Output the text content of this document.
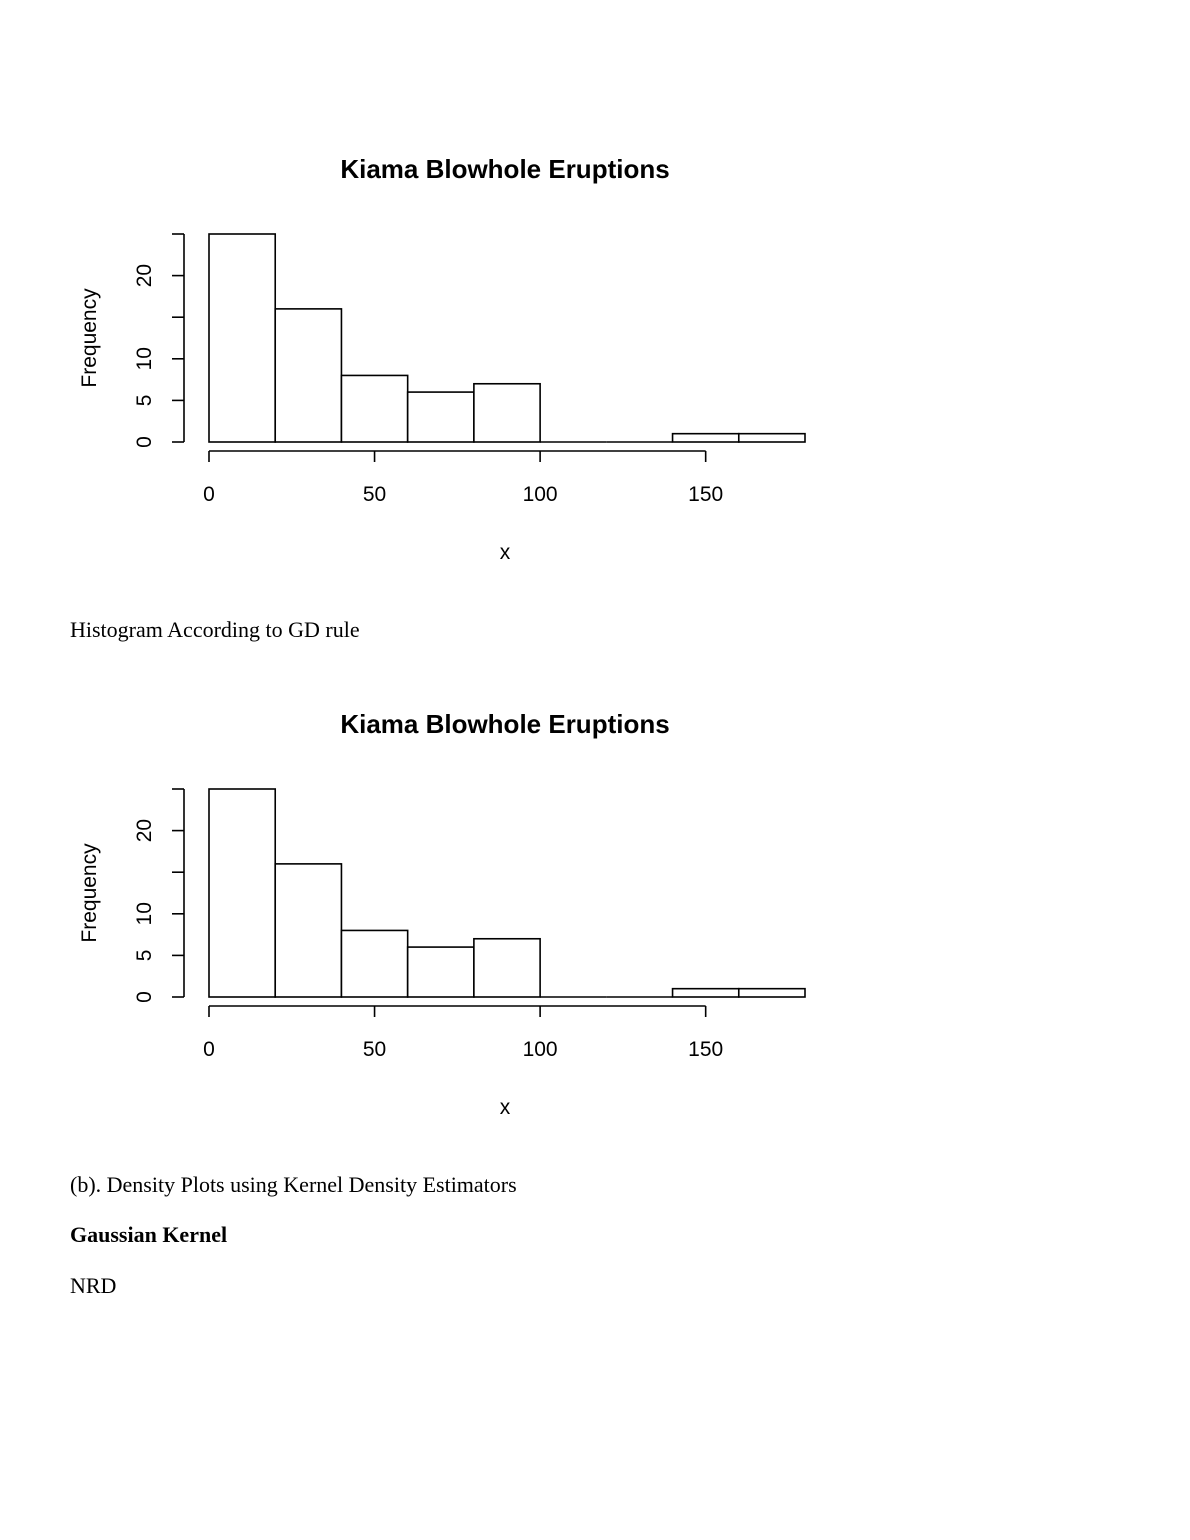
Kiama Blowhole Eruptions
0	50	100	150
x
0
5
10
20
Frequency
Histogram According to GD rule
Kiama Blowhole Eruptions
0	50	100	150
x
0
5
10
20
Frequency
(b). Density Plots using Kernel Density Estimators
Gaussian Kernel
NRD
